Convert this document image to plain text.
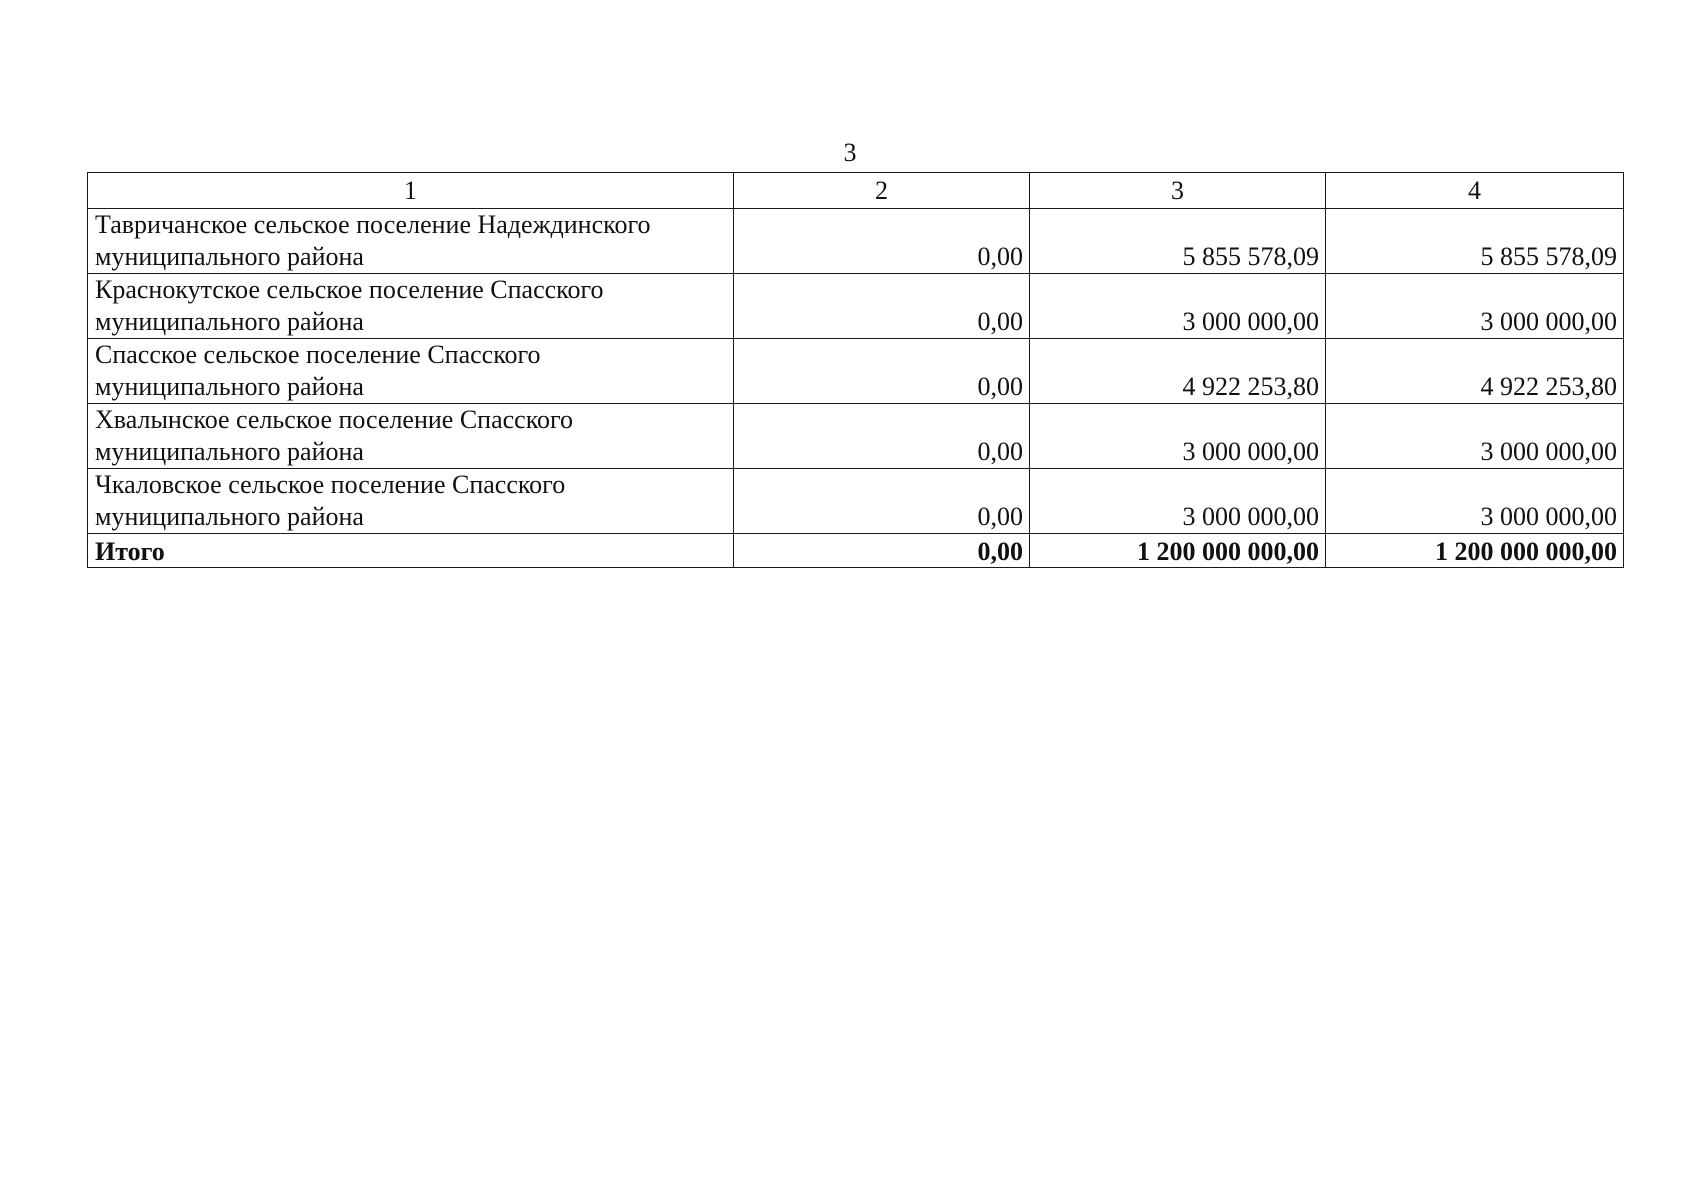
3
1	2	3	4

Тавричанское сельское поселение Надеждинского
муниципального района	0,00	5 855 578,09	5 855 578,09

Краснокутское сельское поселение Спасского
муниципального района	0,00	3 000 000,00	3 000 000,00

Спасское сельское поселение Спасского
муниципального района	0,00	4 922 253,80	4 922 253,80

Хвалынское сельское поселение Спасского
муниципального района	0,00	3 000 000,00	3 000 000,00

Чкаловское сельское поселение Спасского
муниципального района	0,00	3 000 000,00	3 000 000,00
Итого	0,00	1 200 000 000,00	1 200 000 000,00
